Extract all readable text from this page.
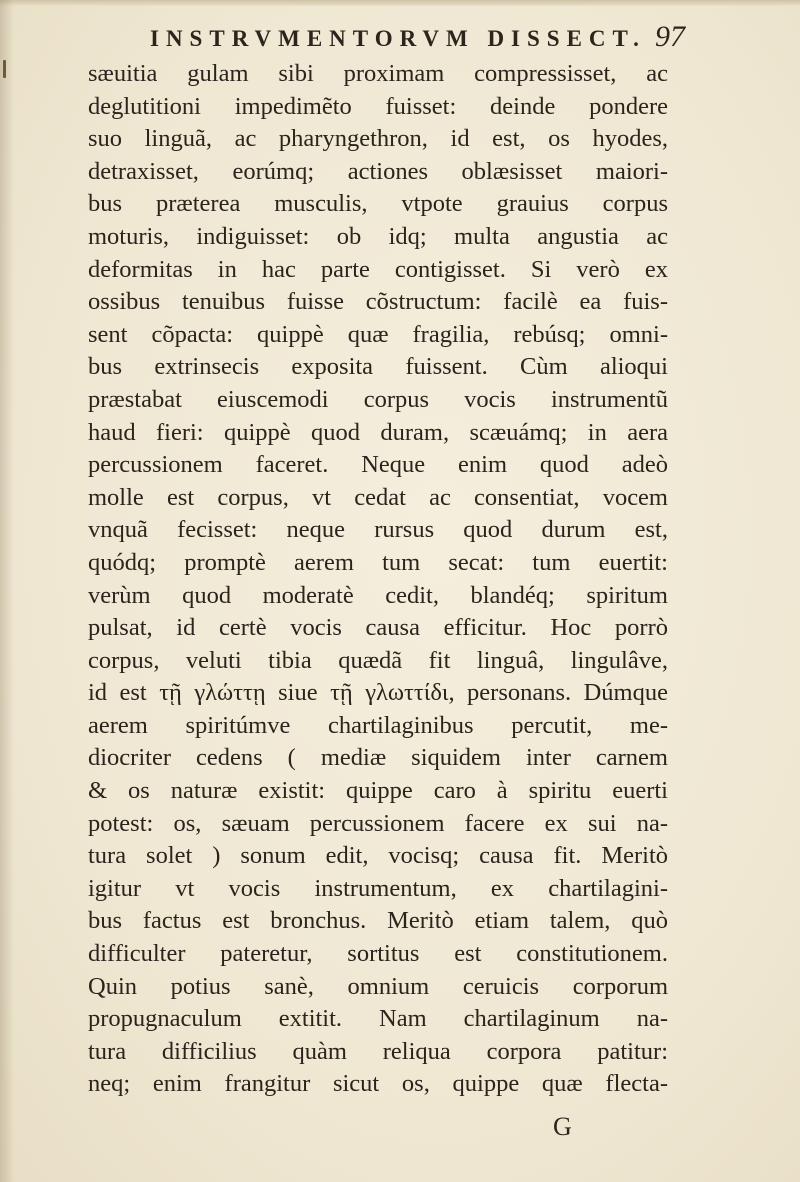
INSTRVMENTORVM DISSECT. 97
sæuitia gulam sibi proximam compressisset, ac
deglutitioni impedimẽto fuisset: deinde pondere
suo linguã, ac pharyngethron, id est, os hyodes,
detraxisset, eorúmq; actiones oblæsisset maiori-
bus præterea musculis, vtpote grauius corpus
moturis, indiguisset: ob idq; multa angustia ac
deformitas in hac parte contigisset. Si verò ex
ossibus tenuibus fuisse cõstructum: facilè ea fuis-
sent cõpacta: quippè quæ fragilia, rebúsq; omni-
bus extrinsecis exposita fuissent. Cùm alioqui
præstabat eiuscemodi corpus vocis instrumentũ
haud fieri: quippè quod duram, scæuámq; in aera
percussionem faceret. Neque enim quod adeò
molle est corpus, vt cedat ac consentiat, vocem
vnquã fecisset: neque rursus quod durum est,
quódq; promptè aerem tum secat: tum euertit:
verùm quod moderatè cedit, blandéq; spiritum
pulsat, id certè vocis causa efficitur. Hoc porrò
corpus, veluti tibia quædã fit linguâ, lingulâve,
id est τῇ γλώττῃ siue τῇ γλωττίδι, personans. Dúmque
aerem spiritúmve chartilaginibus percutit, me-
diocriter cedens ( mediæ siquidem inter carnem
& os naturæ existit: quippe caro à spiritu euerti
potest: os, sæuam percussionem facere ex sui na-
tura solet ) sonum edit, vocisq; causa fit. Meritò
igitur vt vocis instrumentum, ex chartilagini-
bus factus est bronchus. Meritò etiam talem, quò
difficulter pateretur, sortitus est constitutionem.
Quin potius sanè, omnium ceruicis corporum
propugnaculum extitit. Nam chartilaginum na-
tura difficilius quàm reliqua corpora patitur:
neq; enim frangitur sicut os, quippe quæ flecta-
G
